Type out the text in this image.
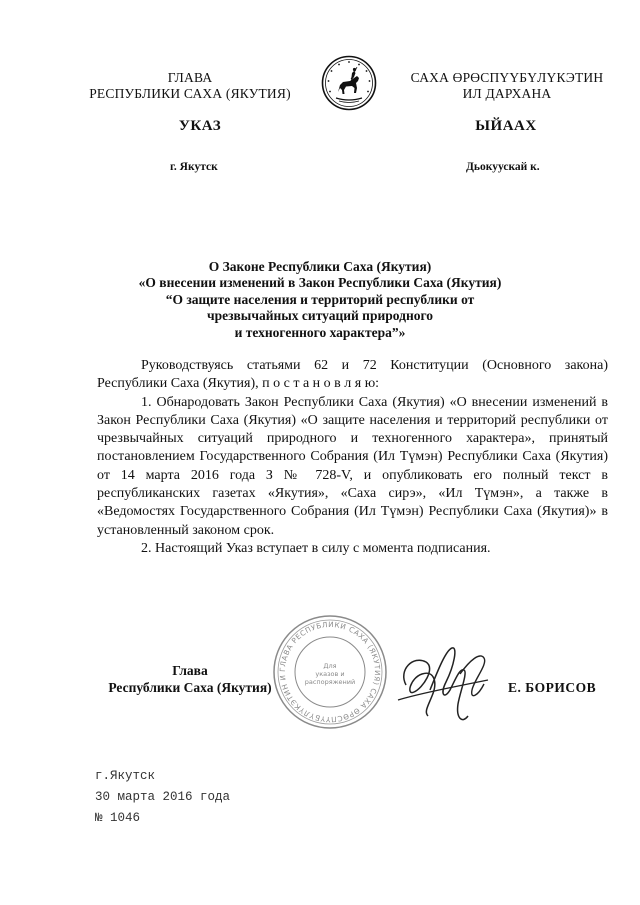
ГЛАВА
РЕСПУБЛИКИ САХА (ЯКУТИЯ)
САХА ӨРӨСПҮҮБҮЛҮКЭТИН
ИЛ ДАРХАНА
УКАЗ	ЫЙААХ
г. Якутск	Дьокуускай к.
О Законе Республики Саха (Якутия)
«О внесении изменений в Закон Республики Саха (Якутия)
“О защите населения и территорий республики от
чрезвычайных ситуаций природного
и техногенного характера”»

Руководствуясь статьями 62 и 72 Конституции (Основного закона) Республики Саха (Якутия), п о с т а н о в л я ю:

1. Обнародовать Закон Республики Саха (Якутия) «О внесении изменений в Закон Республики Саха (Якутия) «О защите населения и территорий республики от чрезвычайных ситуаций природного и техногенного характера», принятый постановлением Государственного Собрания (Ил Түмэн) Республики Саха (Якутия) от 14 марта 2016 года З № 728-V, и опубликовать его полный текст в республиканских газетах «Якутия», «Саха сирэ», «Ил Түмэн», а также в «Ведомостях Государственного Собрания (Ил Түмэн) Республики Саха (Якутия)» в установленный законом срок.

2. Настоящий Указ вступает в силу с момента подписания.

ГЛАВА РЕСПУБЛИКИ САХА (ЯКУТИЯ) САХА ӨРӨСПҮҮБҮЛҮКЭТИН И
Для
указов и
распоряжений
Глава
Республики Саха (Якутия)	Е. БОРИСОВ
г.Якутск
30 марта 2016 года
№ 1046
